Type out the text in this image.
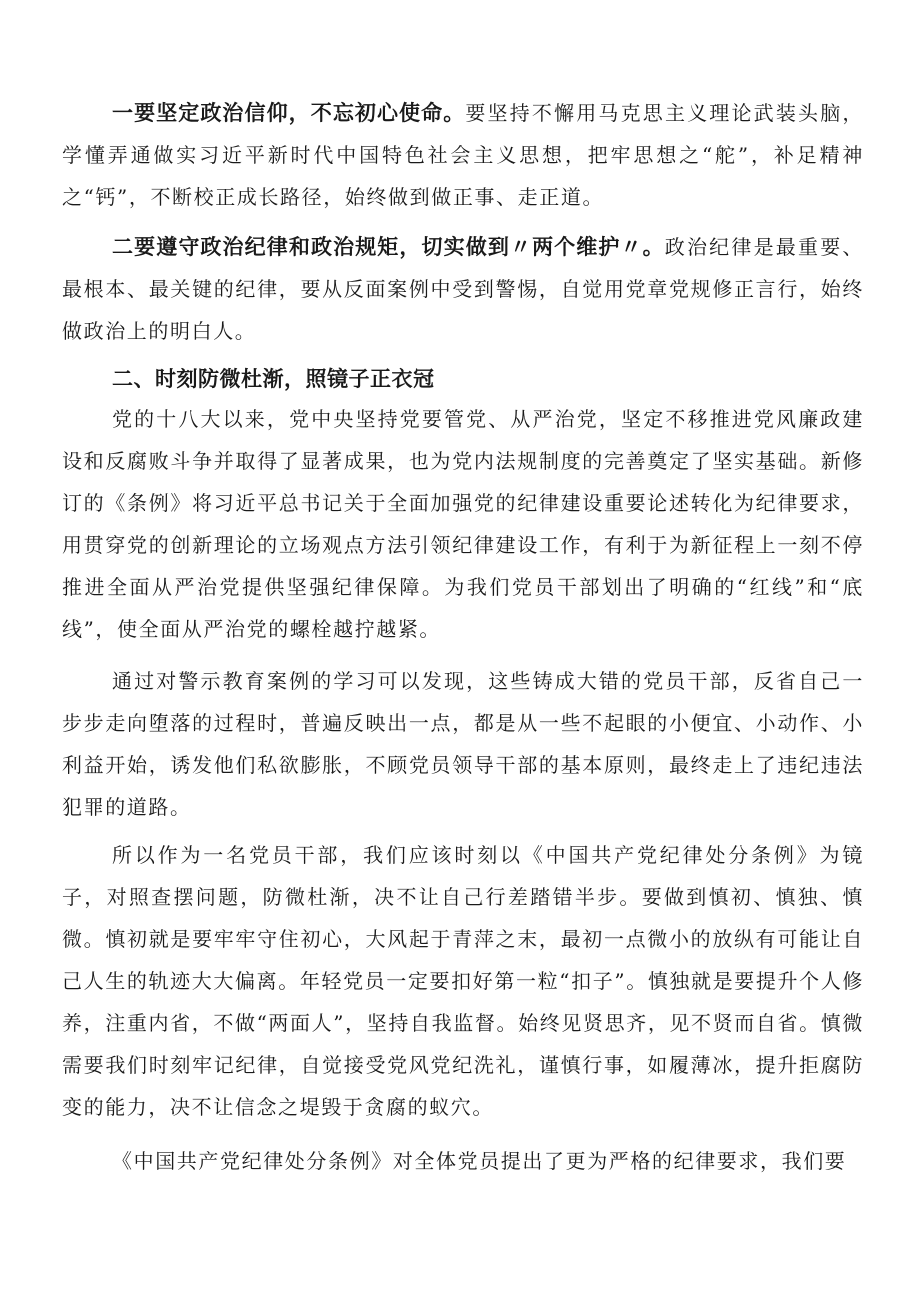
一要坚定政治信仰，不忘初心使命。要坚持不懈用马克思主义理论武装头脑，学懂弄通做实习近平新时代中国特色社会主义思想，把牢思想之“舵”，补足精神之“钙”，不断校正成长路径，始终做到做正事、走正道。

二要遵守政治纪律和政治规矩，切实做到〃两个维护〃。政治纪律是最重要、最根本、最关键的纪律，要从反面案例中受到警惕，自觉用党章党规修正言行，始终做政治上的明白人。

二、时刻防微杜渐，照镜子正衣冠

党的十八大以来，党中央坚持党要管党、从严治党，坚定不移推进党风廉政建设和反腐败斗争并取得了显著成果，也为党内法规制度的完善奠定了坚实基础。新修订的《条例》将习近平总书记关于全面加强党的纪律建设重要论述转化为纪律要求，用贯穿党的创新理论的立场观点方法引领纪律建设工作，有利于为新征程上一刻不停推进全面从严治党提供坚强纪律保障。为我们党员干部划出了明确的“红线”和“底线”，使全面从严治党的螺栓越拧越紧。

通过对警示教育案例的学习可以发现，这些铸成大错的党员干部，反省自己一步步走向堕落的过程时，普遍反映出一点，都是从一些不起眼的小便宜、小动作、小利益开始，诱发他们私欲膨胀，不顾党员领导干部的基本原则，最终走上了违纪违法犯罪的道路。

所以作为一名党员干部，我们应该时刻以《中国共产党纪律处分条例》为镜子，对照查摆问题，防微杜渐，决不让自己行差踏错半步。要做到慎初、慎独、慎微。慎初就是要牢牢守住初心，大风起于青萍之末，最初一点微小的放纵有可能让自己人生的轨迹大大偏离。年轻党员一定要扣好第一粒“扣子”。慎独就是要提升个人修养，注重内省，不做“两面人”，坚持自我监督。始终见贤思齐，见不贤而自省。慎微需要我们时刻牢记纪律，自觉接受党风党纪洗礼，谨慎行事，如履薄冰，提升拒腐防变的能力，决不让信念之堤毁于贪腐的蚁穴。

《中国共产党纪律处分条例》对全体党员提出了更为严格的纪律要求，我们要
